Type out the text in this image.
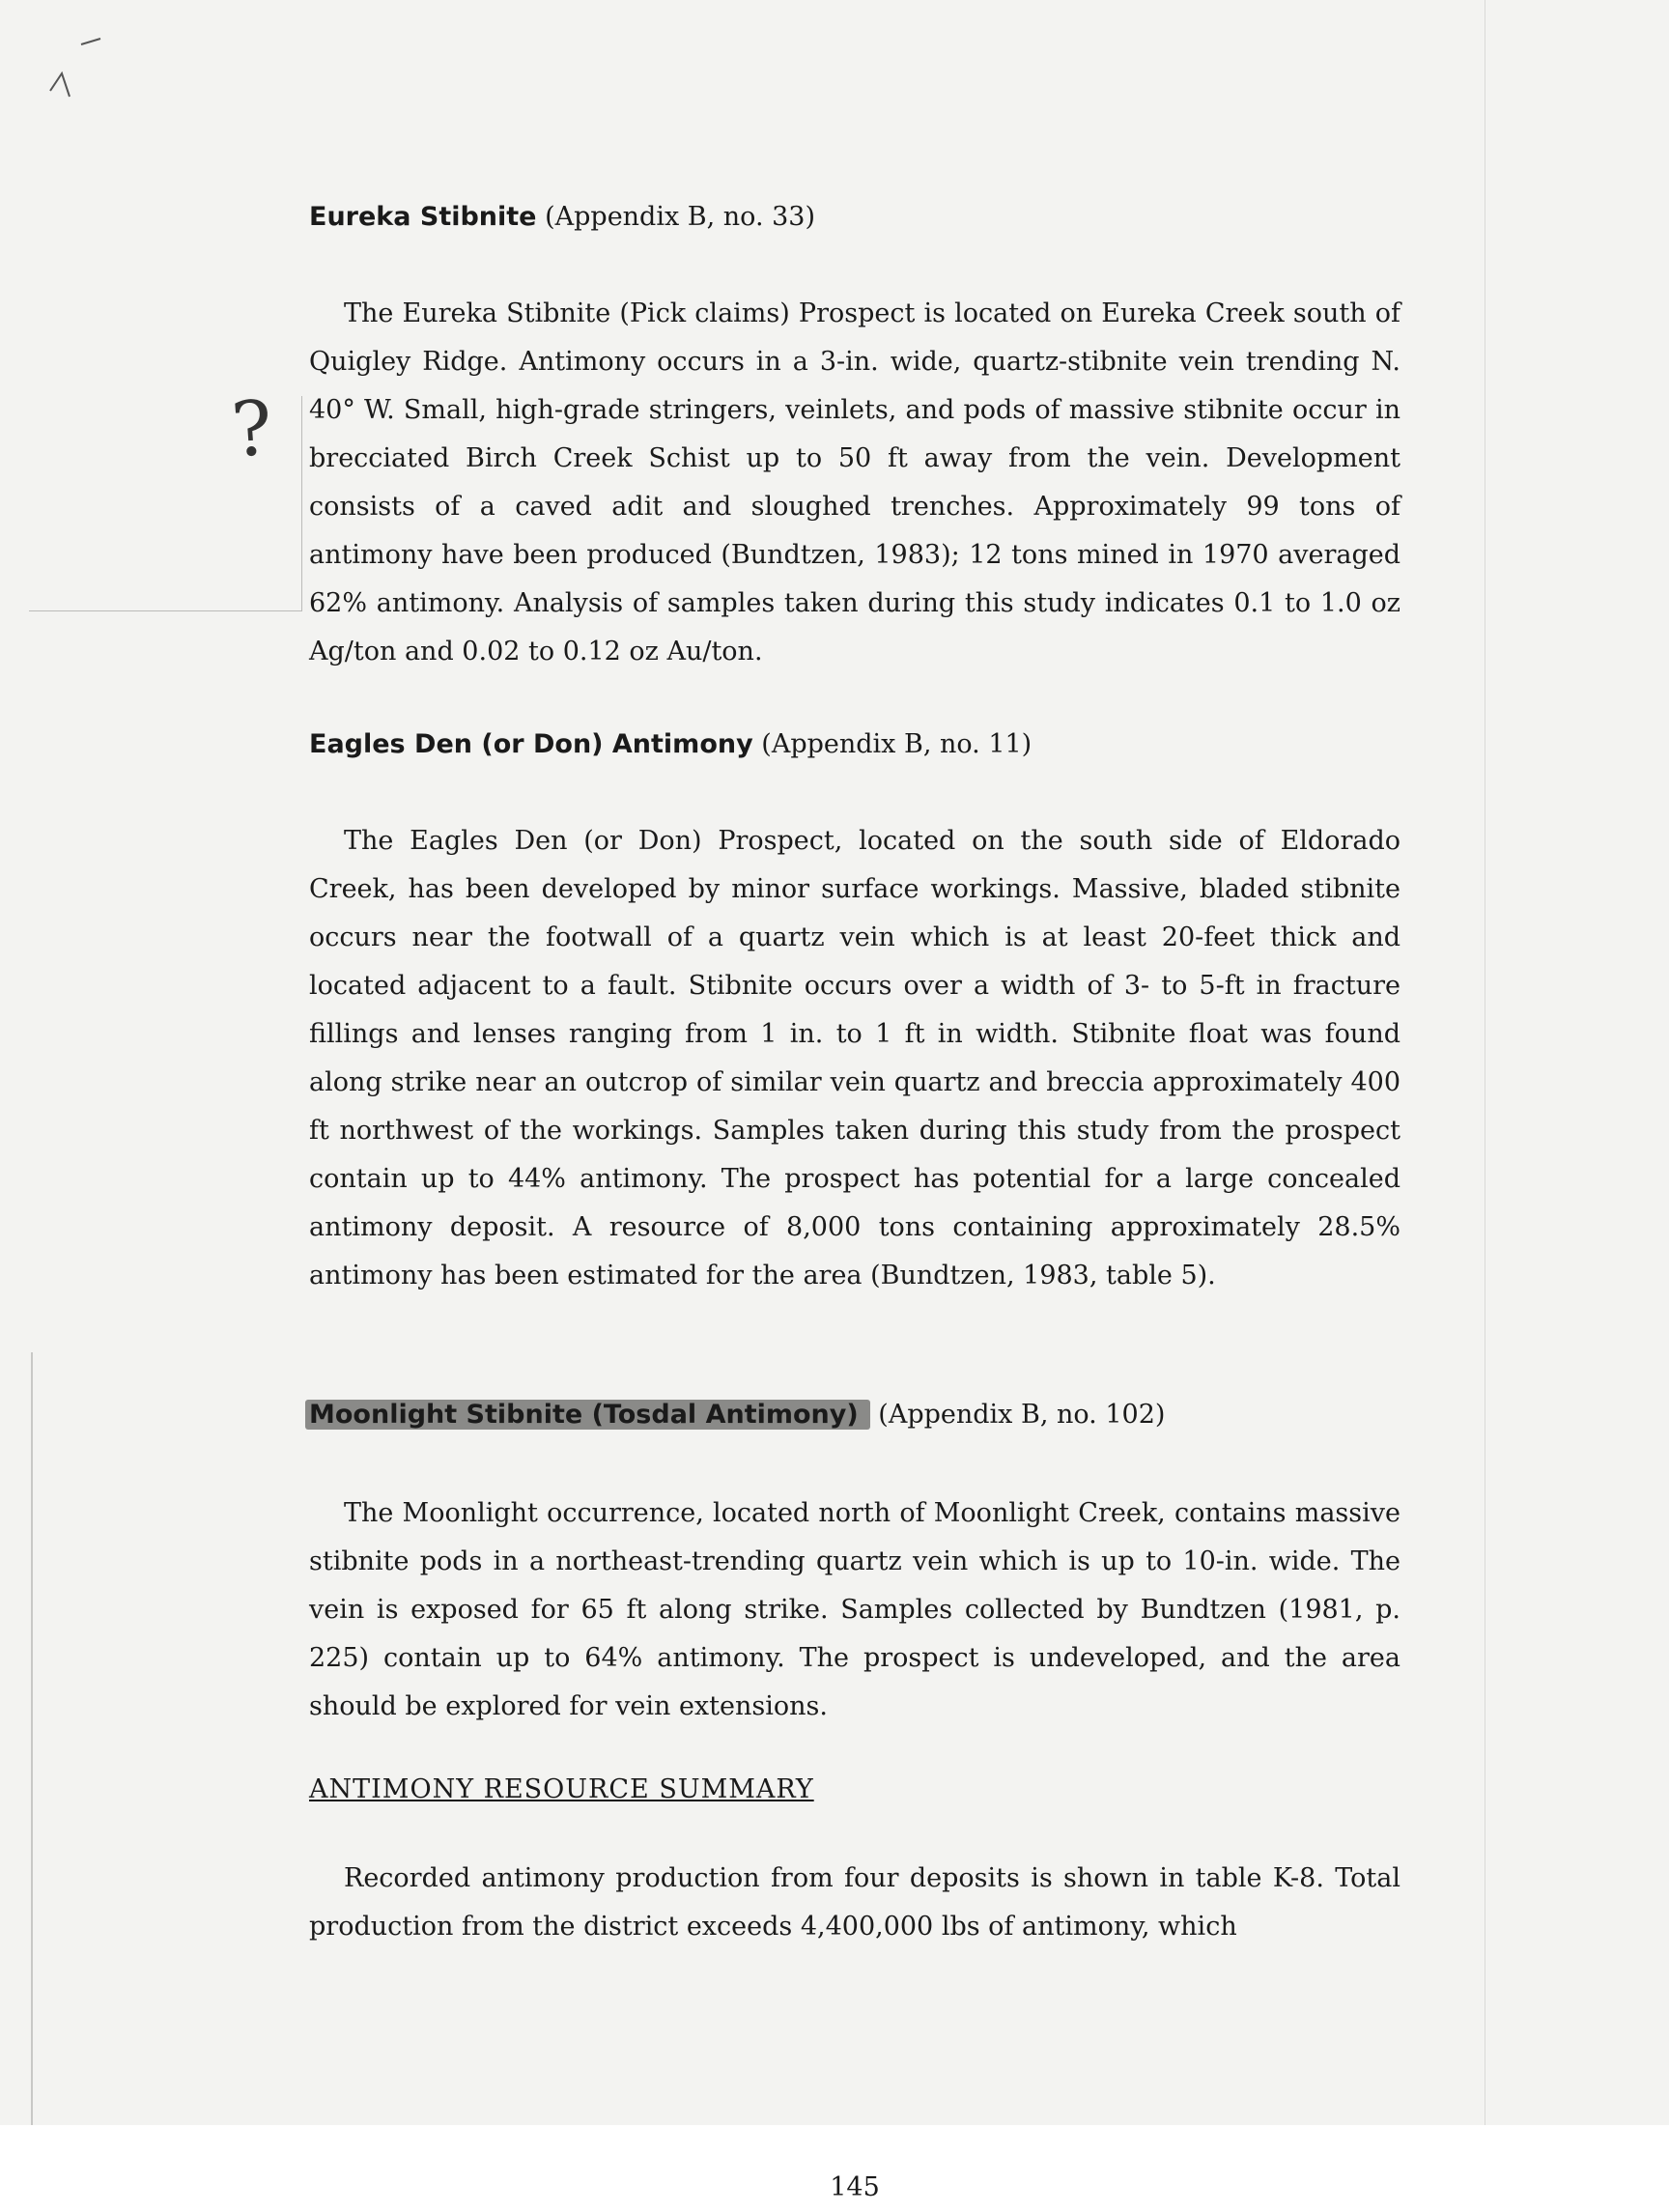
?
Eureka Stibnite (Appendix B, no. 33)

The Eureka Stibnite (Pick claims) Prospect is located on Eureka Creek south of Quigley Ridge. Antimony occurs in a 3-in. wide, quartz-stibnite vein trending N. 40° W. Small, high-grade stringers, veinlets, and pods of massive stibnite occur in brecciated Birch Creek Schist up to 50 ft away from the vein. Development consists of a caved adit and sloughed trenches. Approximately 99 tons of antimony have been produced (Bundtzen, 1983); 12 tons mined in 1970 averaged 62% antimony. Analysis of samples taken during this study indicates 0.1 to 1.0 oz Ag/ton and 0.02 to 0.12 oz Au/ton.

Eagles Den (or Don) Antimony (Appendix B, no. 11)

The Eagles Den (or Don) Prospect, located on the south side of Eldorado Creek, has been developed by minor surface workings. Massive, bladed stibnite occurs near the footwall of a quartz vein which is at least 20-feet thick and located adjacent to a fault. Stibnite occurs over a width of 3- to 5-ft in fracture fillings and lenses ranging from 1 in. to 1 ft in width. Stibnite float was found along strike near an outcrop of similar vein quartz and breccia approximately 400 ft northwest of the workings. Samples taken during this study from the prospect contain up to 44% antimony. The prospect has potential for a large concealed antimony deposit. A resource of 8,000 tons containing approximately 28.5% antimony has been estimated for the area (Bundtzen, 1983, table 5).

Moonlight Stibnite (Tosdal Antimony) (Appendix B, no. 102)

The Moonlight occurrence, located north of Moonlight Creek, contains massive stibnite pods in a northeast-trending quartz vein which is up to 10-in. wide. The vein is exposed for 65 ft along strike. Samples collected by Bundtzen (1981, p. 225) contain up to 64% antimony. The prospect is undeveloped, and the area should be explored for vein extensions.

ANTIMONY RESOURCE SUMMARY

Recorded antimony production from four deposits is shown in table K-8. Total production from the district exceeds 4,400,000 lbs of antimony, which

145
